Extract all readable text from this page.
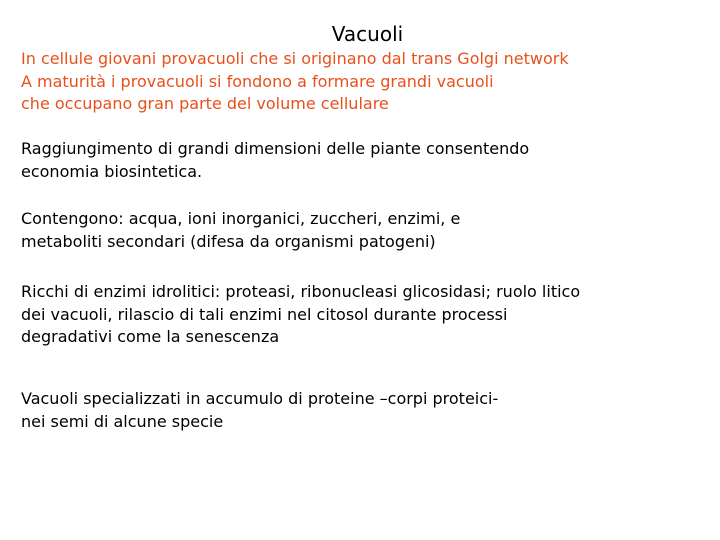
Vacuoli
In cellule giovani provacuoli che si originano dal trans Golgi network
A maturità i provacuoli si fondono a formare grandi vacuoli
che occupano gran parte del volume cellulare
Raggiungimento di grandi dimensioni delle piante consentendo
economia biosintetica.
Contengono: acqua, ioni inorganici, zuccheri, enzimi, e
metaboliti secondari (difesa da organismi patogeni)
Ricchi di enzimi idrolitici: proteasi, ribonucleasi glicosidasi; ruolo litico
dei vacuoli, rilascio di tali enzimi nel citosol durante processi
degradativi come la senescenza
Vacuoli specializzati in accumulo di proteine –corpi proteici-
nei semi di alcune specie
